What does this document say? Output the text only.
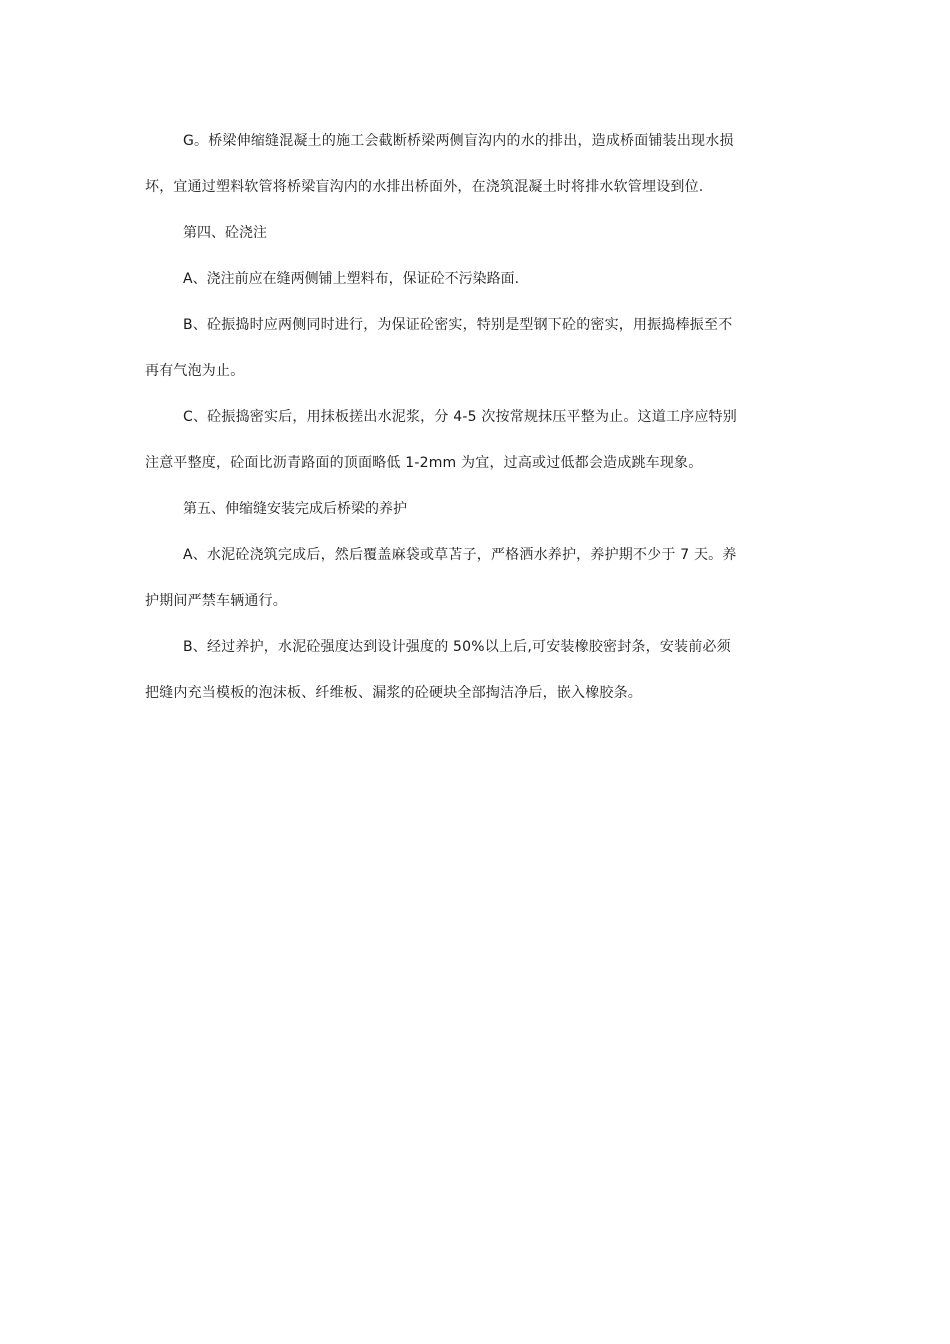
G。桥梁伸缩缝混凝土的施工会截断桥梁两侧盲沟内的水的排出，造成桥面铺装出现水损
坏，宜通过塑料软管将桥梁盲沟内的水排出桥面外，在浇筑混凝土时将排水软管埋设到位.
第四、砼浇注
A、浇注前应在缝两侧铺上塑料布，保证砼不污染路面.
B、砼振捣时应两侧同时进行，为保证砼密实，特别是型钢下砼的密实，用振捣棒振至不
再有气泡为止。
C、砼振捣密实后，用抹板搓出水泥浆，分 4-5 次按常规抹压平整为止。这道工序应特别
注意平整度，砼面比沥青路面的顶面略低 1-2mm 为宜，过高或过低都会造成跳车现象。
第五、伸缩缝安装完成后桥梁的养护
A、水泥砼浇筑完成后，然后覆盖麻袋或草苫子，严格洒水养护，养护期不少于 7 天。养
护期间严禁车辆通行。
B、经过养护，水泥砼强度达到设计强度的 50%以上后,可安装橡胶密封条，安装前必须
把缝内充当模板的泡沫板、纤维板、漏浆的砼硬块全部掏洁净后，嵌入橡胶条。
